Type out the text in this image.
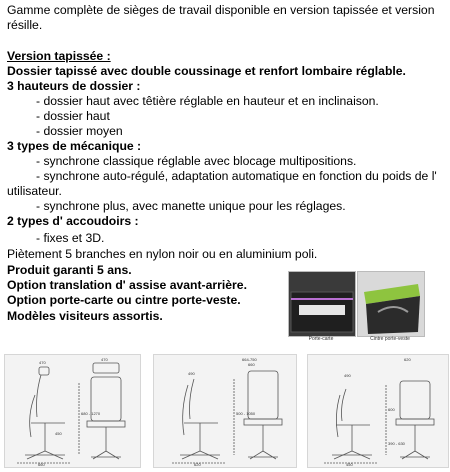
Gamme complète de sièges de travail disponible en version tapissée et version résille.
Version tapissée :
Dossier tapissé avec double coussinage et renfort lombaire réglable.
3 hauteurs de dossier :
- dossier haut avec têtière réglable en hauteur et en inclinaison.
- dossier haut
- dossier moyen
3 types de mécanique :
- synchrone classique réglable avec blocage multipositions.
- synchrone auto-régulé, adaptation automatique en fonction du poids de l' utilisateur.
- synchrone plus, avec manette unique pour les réglages.
2 types d' accoudoirs :
- fixes et 3D.
Piètement 5 branches en nylon noir ou en aluminium poli.
Produit garanti 5 ans.
Option translation d' assise avant-arrière.
Option porte-carte ou cintre porte-veste.
Modèles visiteurs assortis.
Porte-carte	Cintre porte-veste
470
470
660
680 - 1270
450
664-750
490
620
660
500 - 1050
490
620
450
600
390 - 630
